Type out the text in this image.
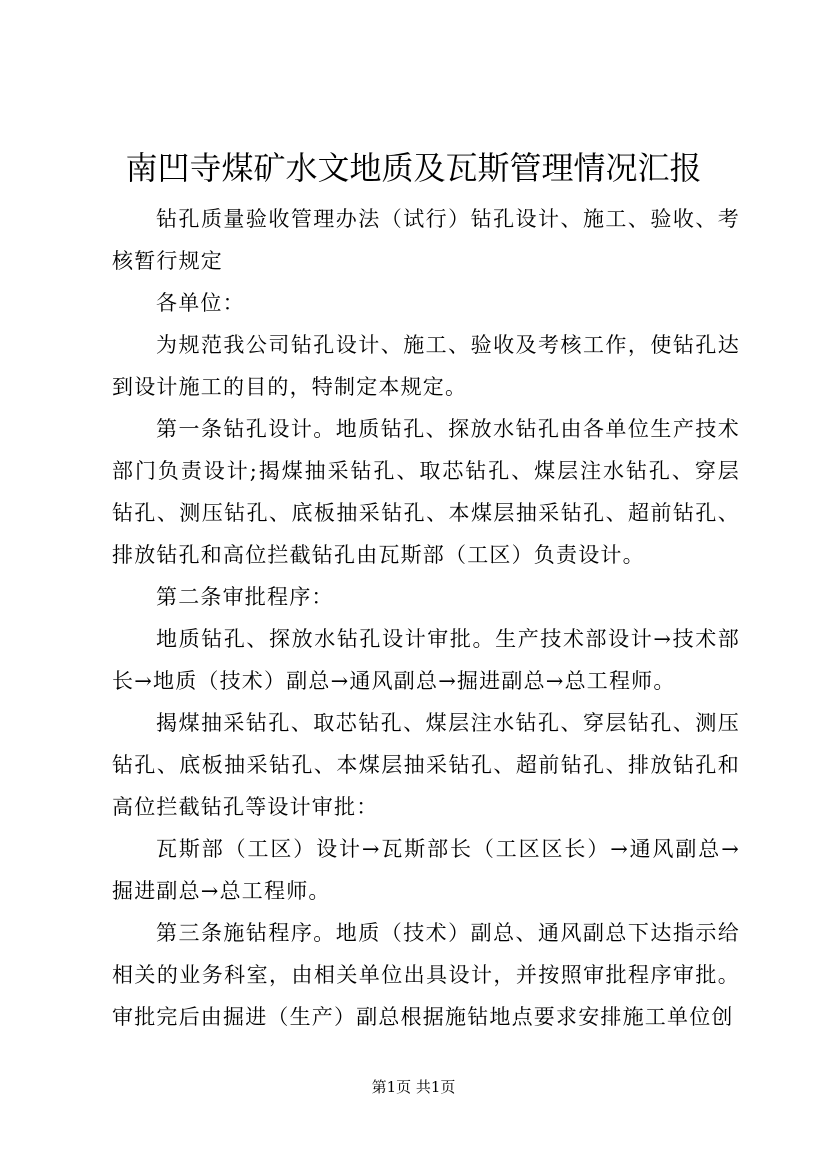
南凹寺煤矿水文地质及瓦斯管理情况汇报

钻孔质量验收管理办法（试行）钻孔设计、施工、验收、考核暂行规定

各单位：

为规范我公司钻孔设计、施工、验收及考核工作，使钻孔达到设计施工的目的，特制定本规定。

第一条钻孔设计。地质钻孔、探放水钻孔由各单位生产技术部门负责设计;揭煤抽采钻孔、取芯钻孔、煤层注水钻孔、穿层钻孔、测压钻孔、底板抽采钻孔、本煤层抽采钻孔、超前钻孔、排放钻孔和高位拦截钻孔由瓦斯部（工区）负责设计。

第二条审批程序：

地质钻孔、探放水钻孔设计审批。生产技术部设计→技术部长→地质（技术）副总→通风副总→掘进副总→总工程师。

揭煤抽采钻孔、取芯钻孔、煤层注水钻孔、穿层钻孔、测压钻孔、底板抽采钻孔、本煤层抽采钻孔、超前钻孔、排放钻孔和高位拦截钻孔等设计审批：

瓦斯部（工区）设计→瓦斯部长（工区区长）→通风副总→掘进副总→总工程师。

第三条施钻程序。地质（技术）副总、通风副总下达指示给相关的业务科室，由相关单位出具设计，并按照审批程序审批。审批完后由掘进（生产）副总根据施钻地点要求安排施工单位创

第1页 共1页
